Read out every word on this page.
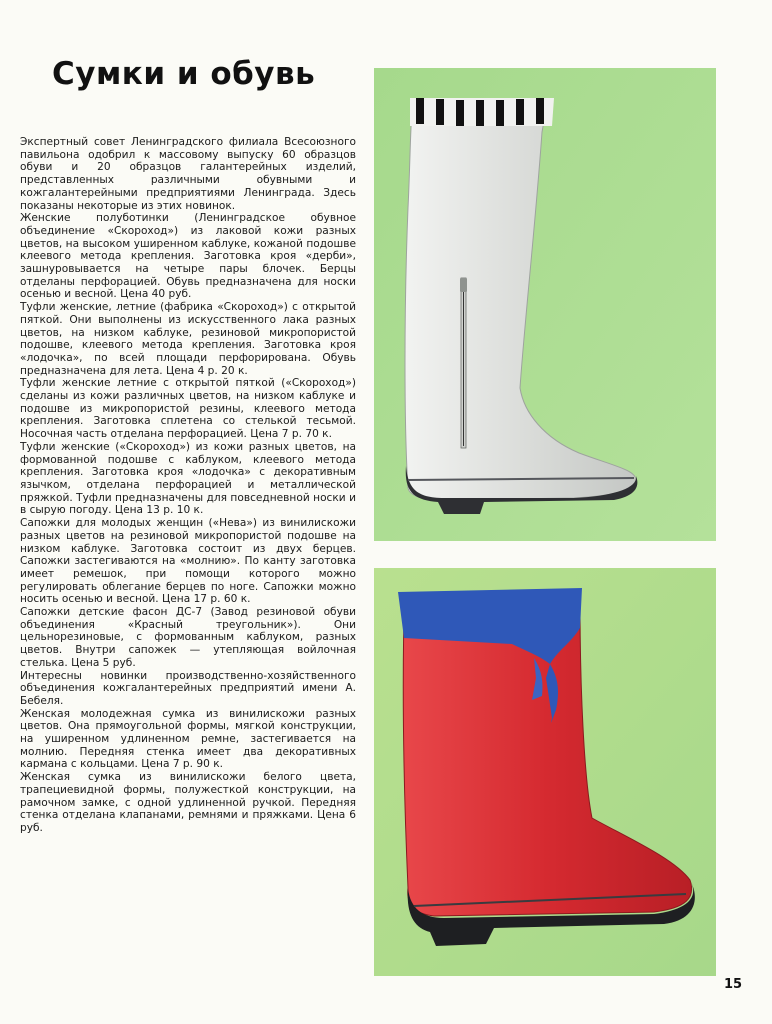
Сумки и обувь

Экспертный совет Ленинградского филиала Всесоюзного павильона одобрил к массовому выпуску 60 образцов обуви и 20 образцов галантерейных изделий, представленных различными обувными и кожгалантерейными предприятиями Ленинграда. Здесь показаны некоторые из этих новинок.

Женские полуботинки (Ленинградское обувное объединение «Скороход») из лаковой кожи разных цветов, на высоком уширенном каблуке, кожаной подошве клеевого метода крепления. Заготовка кроя «дерби», зашнуровывается на четыре пары блочек. Берцы отделаны перфорацией. Обувь предназначена для носки осенью и весной. Цена 40 руб.

Туфли женские, летние (фабрика «Скороход») с открытой пяткой. Они выполнены из искусственного лака разных цветов, на низком каблуке, резиновой микропористой подошве, клеевого метода крепления. Заготовка кроя «лодочка», по всей площади перфорирована. Обувь предназначена для лета. Цена 4 р. 20 к.

Туфли женские летние с открытой пяткой («Скороход») сделаны из кожи различных цветов, на низком каблуке и подошве из микропористой резины, клеевого метода крепления. Заготовка сплетена со стелькой тесьмой. Носочная часть отделана перфорацией. Цена 7 р. 70 к.

Туфли женские («Скороход») из кожи разных цветов, на формованной подошве с каблуком, клеевого метода крепления. Заготовка кроя «лодочка» с декоративным язычком, отделана перфорацией и металлической пряжкой. Туфли предназначены для повседневной носки и в сырую погоду. Цена 13 р. 10 к.

Сапожки для молодых женщин («Нева») из винилискожи разных цветов на резиновой микропористой подошве на низком каблуке. Заготовка состоит из двух берцев. Сапожки застегиваются на «молнию». По канту заготовка имеет ремешок, при помощи которого можно регулировать облегание берцев по ноге. Сапожки можно носить осенью и весной. Цена 17 р. 60 к.

Сапожки детские фасон ДС-7 (Завод резиновой обуви объединения «Красный треугольник»). Они цельнорезиновые, с формованным каблуком, разных цветов. Внутри сапожек — утепляющая войлочная стелька. Цена 5 руб.

Интересны новинки производственно-хозяйственного объединения кожгалантерейных предприятий имени А. Бебеля.

Женская молодежная сумка из винилискожи разных цветов. Она прямоугольной формы, мягкой конструкции, на уширенном удлиненном ремне, застегивается на молнию. Передняя стенка имеет два декоративных кармана с кольцами. Цена 7 р. 90 к.

Женская сумка из винилискожи белого цвета, трапециевидной формы, полужесткой конструкции, на рамочном замке, с одной удлиненной ручкой. Передняя стенка отделана клапанами, ремнями и пряжками. Цена 6 руб.

15
